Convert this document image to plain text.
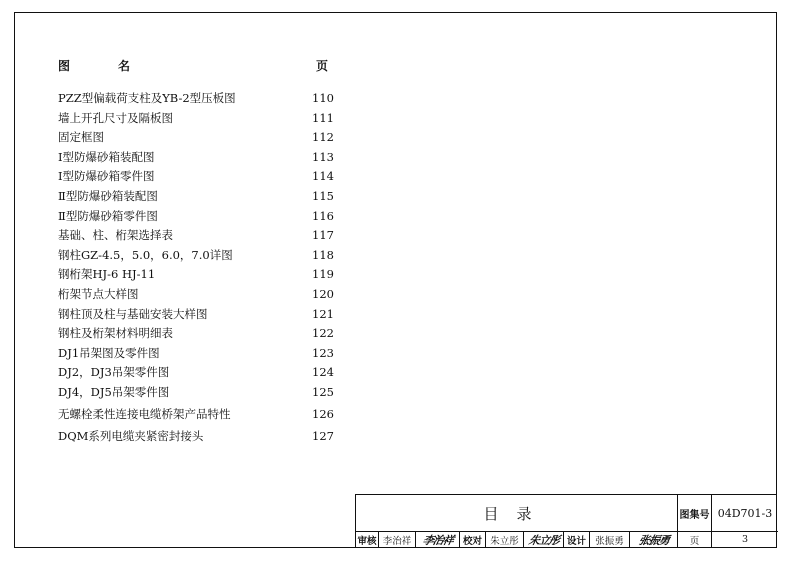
图	名	页
PZZ型偏载荷支柱及YB-2型压板图	110
墙上开孔尺寸及隔板图	111
固定框图	112
Ⅰ型防爆砂箱装配图	113
Ⅰ型防爆砂箱零件图	114
Ⅱ型防爆砂箱装配图	115
Ⅱ型防爆砂箱零件图	116
基础、柱、桁架选择表	117
钢柱GZ-4.5，5.0，6.0，7.0详图	118
钢桁架HJ-6 HJ-11	119
桁架节点大样图	120
钢柱顶及柱与基础安装大样图	121
钢柱及桁架材料明细表	122
DJ1吊架图及零件图	123
DJ2，DJ3吊架零件图	124
DJ4，DJ5吊架零件图	125
无螺栓柔性连接电缆桥架产品特性	126
DQM系列电缆夹紧密封接头	127
目录	图集号 04D701-3
审核 李治祥 李治祥 校对 朱立彤 朱立彤 设计 张振勇	张振勇	页	3
